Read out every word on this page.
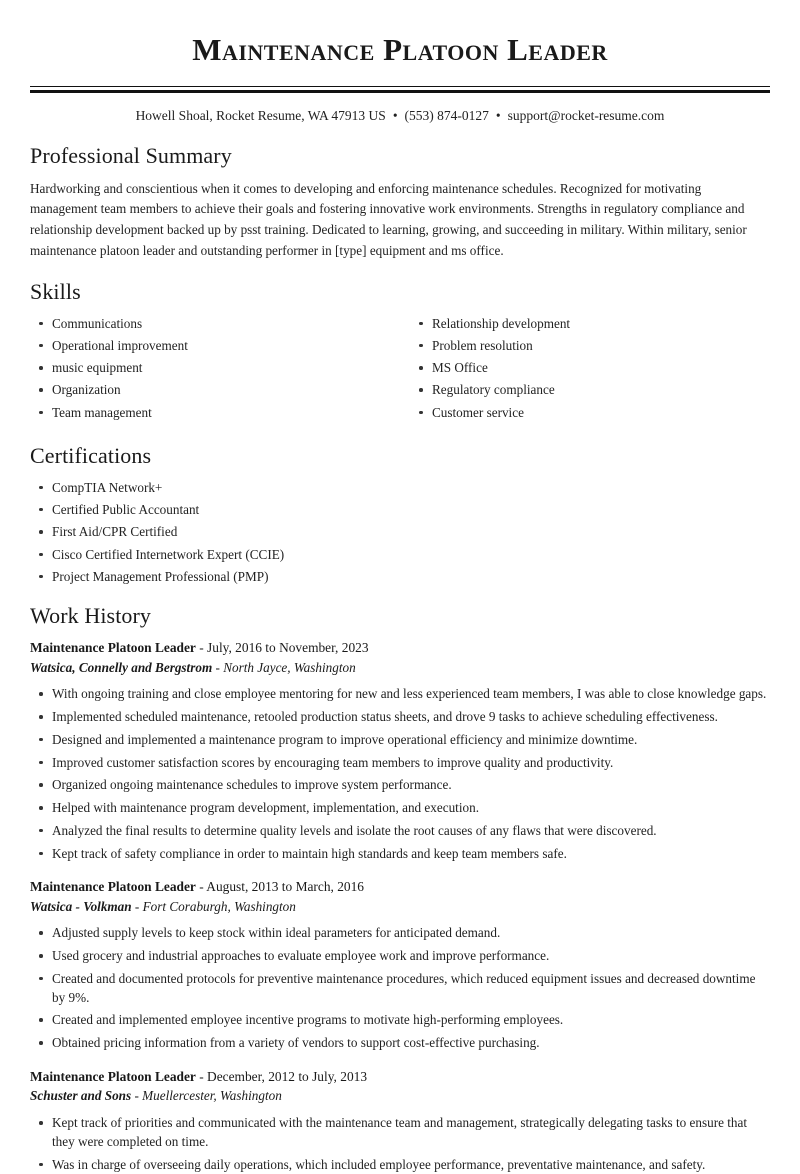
Maintenance Platoon Leader
Howell Shoal, Rocket Resume, WA 47913 US • (553) 874-0127 • support@rocket-resume.com
Professional Summary

Hardworking and conscientious when it comes to developing and enforcing maintenance schedules. Recognized for motivating management team members to achieve their goals and fostering innovative work environments. Strengths in regulatory compliance and relationship development backed up by psst training. Dedicated to learning, growing, and succeeding in military. Within military, senior maintenance platoon leader and outstanding performer in [type] equipment and ms office.

Skills
Communications
Operational improvement
music equipment
Organization
Team management
Relationship development
Problem resolution
MS Office
Regulatory compliance
Customer service
Certifications
CompTIA Network+
Certified Public Accountant
First Aid/CPR Certified
Cisco Certified Internetwork Expert (CCIE)
Project Management Professional (PMP)
Work History
Maintenance Platoon Leader - July, 2016 to November, 2023
Watsica, Connelly and Bergstrom - North Jayce, Washington
With ongoing training and close employee mentoring for new and less experienced team members, I was able to close knowledge gaps.
Implemented scheduled maintenance, retooled production status sheets, and drove 9 tasks to achieve scheduling effectiveness.
Designed and implemented a maintenance program to improve operational efficiency and minimize downtime.
Improved customer satisfaction scores by encouraging team members to improve quality and productivity.
Organized ongoing maintenance schedules to improve system performance.
Helped with maintenance program development, implementation, and execution.
Analyzed the final results to determine quality levels and isolate the root causes of any flaws that were discovered.
Kept track of safety compliance in order to maintain high standards and keep team members safe.
Maintenance Platoon Leader - August, 2013 to March, 2016
Watsica - Volkman - Fort Coraburgh, Washington
Adjusted supply levels to keep stock within ideal parameters for anticipated demand.
Used grocery and industrial approaches to evaluate employee work and improve performance.
Created and documented protocols for preventive maintenance procedures, which reduced equipment issues and decreased downtime by 9%.
Created and implemented employee incentive programs to motivate high-performing employees.
Obtained pricing information from a variety of vendors to support cost-effective purchasing.
Maintenance Platoon Leader - December, 2012 to July, 2013
Schuster and Sons - Muellercester, Washington
Kept track of priorities and communicated with the maintenance team and management, strategically delegating tasks to ensure that they were completed on time.
Was in charge of overseeing daily operations, which included employee performance, preventative maintenance, and safety.
